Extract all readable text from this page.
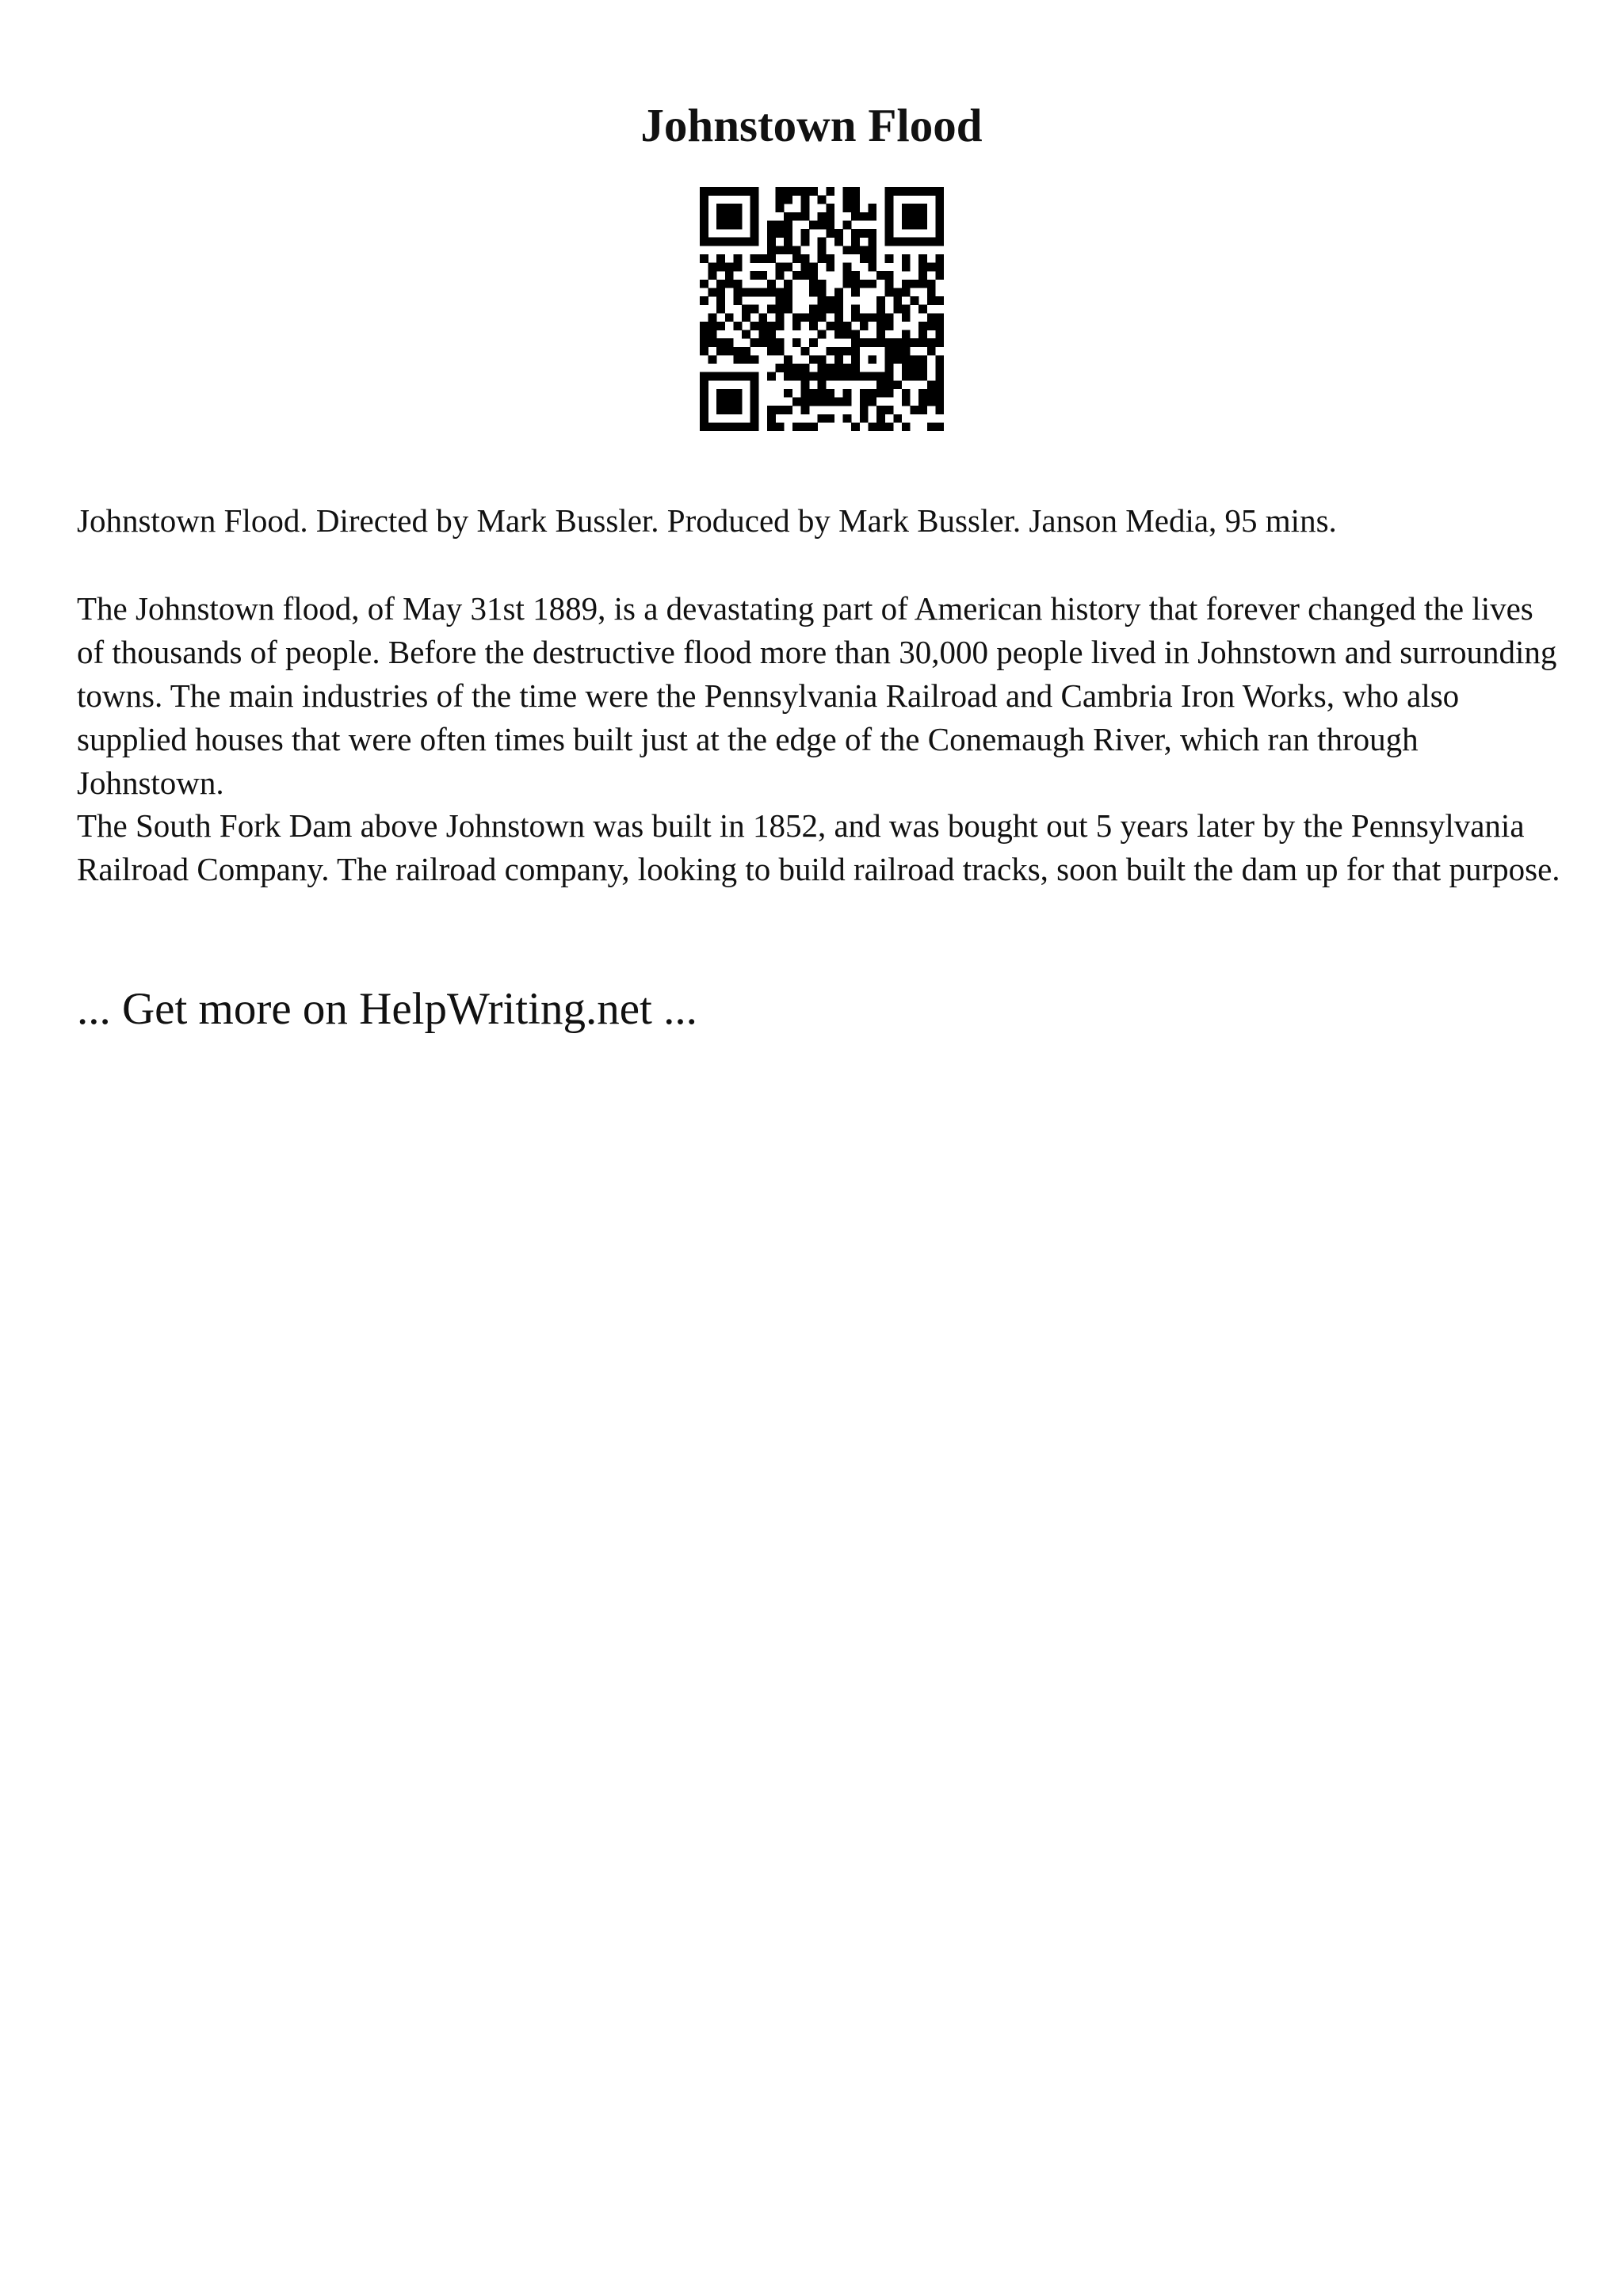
Johnstown Flood

Johnstown Flood. Directed by Mark Bussler. Produced by Mark Bussler. Janson Media, 95 mins.

The Johnstown flood, of May 31st 1889, is a devastating part of American history that forever changed the lives of thousands of people. Before the destructive flood more than 30,000 people lived in Johnstown and surrounding towns. The main industries of the time were the Pennsylvania Railroad and Cambria Iron Works, who also supplied houses that were often times built just at the edge of the Conemaugh River, which ran through Johnstown.

The South Fork Dam above Johnstown was built in 1852, and was bought out 5 years later by the Pennsylvania Railroad Company. The railroad company, looking to build railroad tracks, soon built the dam up for that purpose.

... Get more on HelpWriting.net ...
